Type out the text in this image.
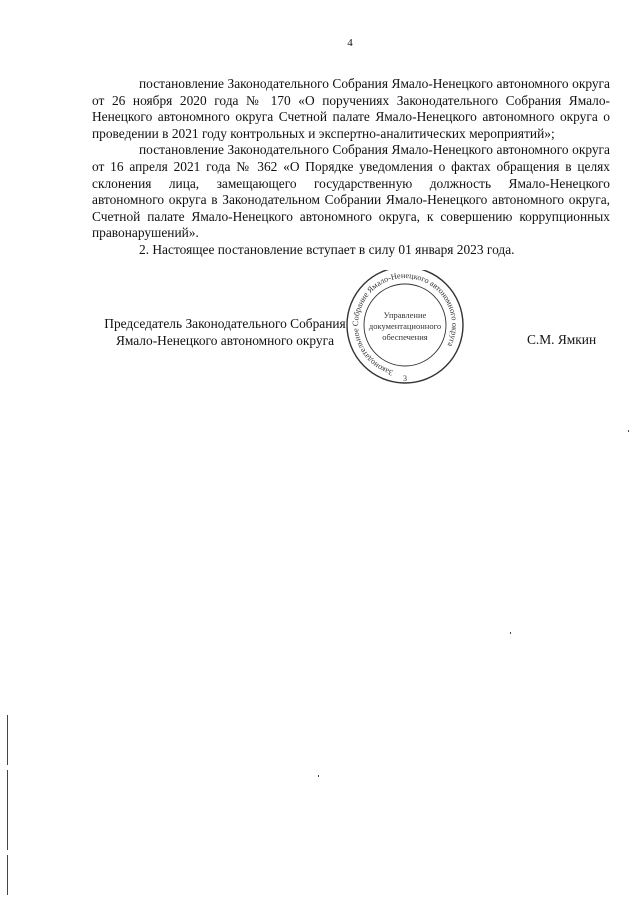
4

постановление Законодательного Собрания Ямало-Ненецкого автономного округа от 26 ноября 2020 года № 170 «О поручениях Законодательного Собрания Ямало-Ненецкого автономного округа Счетной палате Ямало-Ненецкого автономного округа о проведении в 2021 году контрольных и экспертно-аналитических мероприятий»;

постановление Законодательного Собрания Ямало-Ненецкого автономного округа от 16 апреля 2021 года № 362 «О Порядке уведомления о фактах обращения в целях склонения лица, замещающего государственную должность Ямало-Ненецкого автономного округа в Законодательном Собрании Ямало-Ненецкого автономного округа, Счетной палате Ямало-Ненецкого автономного округа, к совершению коррупционных правонарушений».

2. Настоящее постановление вступает в силу 01 января 2023 года.

Председатель Законодательного Собрания
Ямало-Ненецкого автономного округа	С.М. Ямкин
Законодательное Собрание Ямало-Ненецкого автономного округа
3
Управление
документационного
обеспечения
